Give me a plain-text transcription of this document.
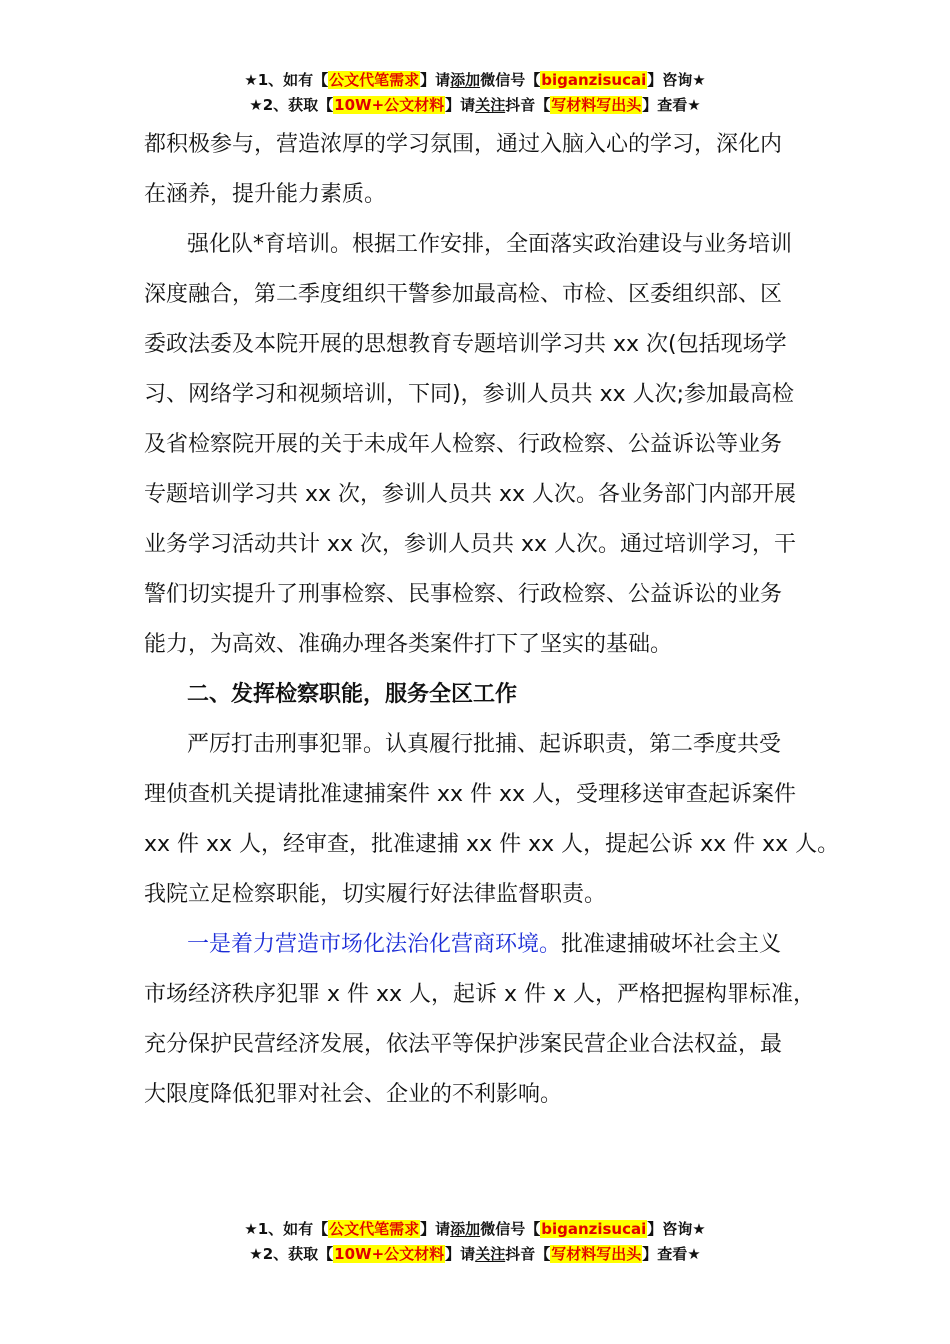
★1、如有【公文代笔需求】请添加微信号【biganzisucai】咨询★
★2、获取【10W+公文材料】请关注抖音【写材料写出头】查看★
都积极参与，营造浓厚的学习氛围，通过入脑入心的学习，深化内
在涵养，提升能力素质。
强化队*育培训。根据工作安排，全面落实政治建设与业务培训
深度融合，第二季度组织干警参加最高检、市检、区委组织部、区
委政法委及本院开展的思想教育专题培训学习共 xx 次(包括现场学
习、网络学习和视频培训，下同)，参训人员共 xx 人次;参加最高检
及省检察院开展的关于未成年人检察、行政检察、公益诉讼等业务
专题培训学习共 xx 次，参训人员共 xx 人次。各业务部门内部开展
业务学习活动共计 xx 次，参训人员共 xx 人次。通过培训学习，干
警们切实提升了刑事检察、民事检察、行政检察、公益诉讼的业务
能力，为高效、准确办理各类案件打下了坚实的基础。
二、发挥检察职能，服务全区工作
严厉打击刑事犯罪。认真履行批捕、起诉职责，第二季度共受
理侦查机关提请批准逮捕案件 xx 件 xx 人，受理移送审查起诉案件
xx 件 xx 人，经审查，批准逮捕 xx 件 xx 人，提起公诉 xx 件 xx 人。
我院立足检察职能，切实履行好法律监督职责。
一是着力营造市场化法治化营商环境。批准逮捕破坏社会主义
市场经济秩序犯罪 x 件 xx 人，起诉 x 件 x 人，严格把握构罪标准，
充分保护民营经济发展，依法平等保护涉案民营企业合法权益，最
大限度降低犯罪对社会、企业的不利影响。
★1、如有【公文代笔需求】请添加微信号【biganzisucai】咨询★
★2、获取【10W+公文材料】请关注抖音【写材料写出头】查看★
